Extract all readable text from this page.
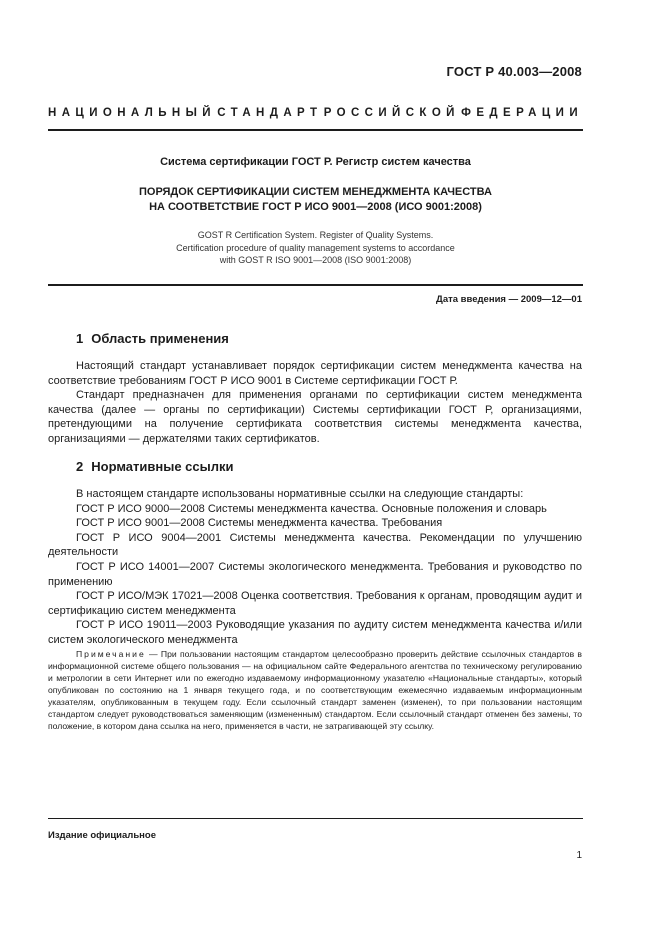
ГОСТ Р 40.003—2008
НАЦИОНАЛЬНЫЙ СТАНДАРТ РОССИЙСКОЙ ФЕДЕРАЦИИ
Система сертификации ГОСТ Р. Регистр систем качества
ПОРЯДОК СЕРТИФИКАЦИИ СИСТЕМ МЕНЕДЖМЕНТА КАЧЕСТВА
НА СООТВЕТСТВИЕ ГОСТ Р ИСО 9001—2008 (ИСО 9001:2008)
GOST R Certification System. Register of Quality Systems.
Certification procedure of quality management systems to accordance
with GOST R ISO 9001—2008 (ISO 9001:2008)
Дата введения — 2009—12—01
1 Область применения

Настоящий стандарт устанавливает порядок сертификации систем менеджмента качества на соответствие требованиям ГОСТ Р ИСО 9001 в Системе сертификации ГОСТ Р.

Стандарт предназначен для применения органами по сертификации систем менеджмента качества (далее — органы по сертификации) Системы сертификации ГОСТ Р, организациями, претендующими на получение сертификата соответствия системы менеджмента качества, организациями — держателями таких сертификатов.

2 Нормативные ссылки

В настоящем стандарте использованы нормативные ссылки на следующие стандарты:

ГОСТ Р ИСО 9000—2008 Системы менеджмента качества. Основные положения и словарь

ГОСТ Р ИСО 9001—2008 Системы менеджмента качества. Требования

ГОСТ Р ИСО 9004—2001 Системы менеджмента качества. Рекомендации по улучшению деятельности

ГОСТ Р ИСО 14001—2007 Системы экологического менеджмента. Требования и руководство по применению

ГОСТ Р ИСО/МЭК 17021—2008 Оценка соответствия. Требования к органам, проводящим аудит и сертификацию систем менеджмента

ГОСТ Р ИСО 19011—2003 Руководящие указания по аудиту систем менеджмента качества и/или систем экологического менеджмента

Примечание — При пользовании настоящим стандартом целесообразно проверить действие ссылочных стандартов в информационной системе общего пользования — на официальном сайте Федерального агентства по техническому регулированию и метрологии в сети Интернет или по ежегодно издаваемому информационному указателю «Национальные стандарты», который опубликован по состоянию на 1 января текущего года, и по соответствующим ежемесячно издаваемым информационным указателям, опубликованным в текущем году. Если ссылочный стандарт заменен (изменен), то при пользовании настоящим стандартом следует руководствоваться заменяющим (измененным) стандартом. Если ссылочный стандарт отменен без замены, то положение, в котором дана ссылка на него, применяется в части, не затрагивающей эту ссылку.
Издание официальное
1
